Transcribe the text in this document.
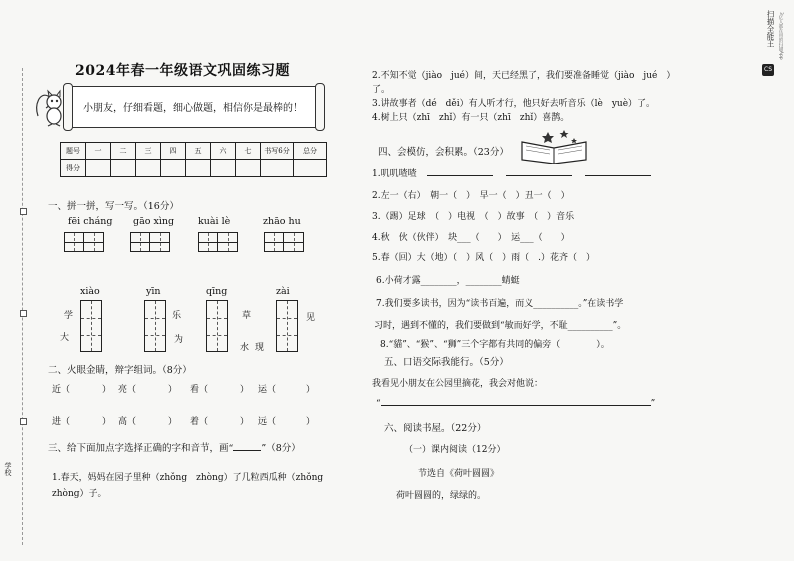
学校
扫描全能王 3亿人都在用的扫描App
CS
2024年春一年级语文巩固练习题
小朋友，仔细看题，细心做题，相信你是最棒的！
题号	一	二	三	四	五	六	七	书写6分	总分
得分									
一、拼一拼，写一写。（16分）
fēi cháng gāo xìng	kuài lè	zhāo hu
xiào	yīn	qīng	zài
学
大
乐
为
草
水 现
见
二、火眼金睛，辩字组词。（8分）
近（	） 亮（	） 看（	） 运（	）
进（	） 高（	） 着（	） 远（	）
三、给下面加点字选择正确的字和音节，画“	”（8分）
1.春天，妈妈在园子里种（zhǒng　zhòng）了几粒西瓜种（zhǒng
zhòng）子。
2.不知不觉（jiào　jué）间，天已经黑了，我们要准备睡觉（jiào　jué　）
了。
3.讲故事者（dé　děi）有人听才行，他只好去听音乐（lè　yuè）了。
4.树上只（zhī　zhǐ）有一只（zhī　zhǐ）喜鹊。
四、会模仿，会积累。（23分）
1.叽叽喳喳
2.左一（右）　朝一（　）　早一（　）丑一（　）
3.（踢）足球　（　）电视　（　）故事　（　）音乐
4.秋　伙（伙伴）　块___（　　）　运___（　　）
5.春（回）大（地）（　）风（　）雨（　.）花齐（　）
6.小荷才露________，________蜻蜓
7.我们要多读书，因为“读书百遍，而义__________。”在读书学
习时，遇到不懂的，我们要做到“敏而好学，不耻__________”。
8.“貓”、“猴”、“狮”三个字都有共同的偏旁（　　　　）。
五、口语交际我能行。（5分）
我看见小朋友在公园里摘花，我会对他说：
“	”
六、阅读书屋。（22分）
（一）课内阅读（12分）
节选自《荷叶圆圆》
荷叶圆圆的，绿绿的。
